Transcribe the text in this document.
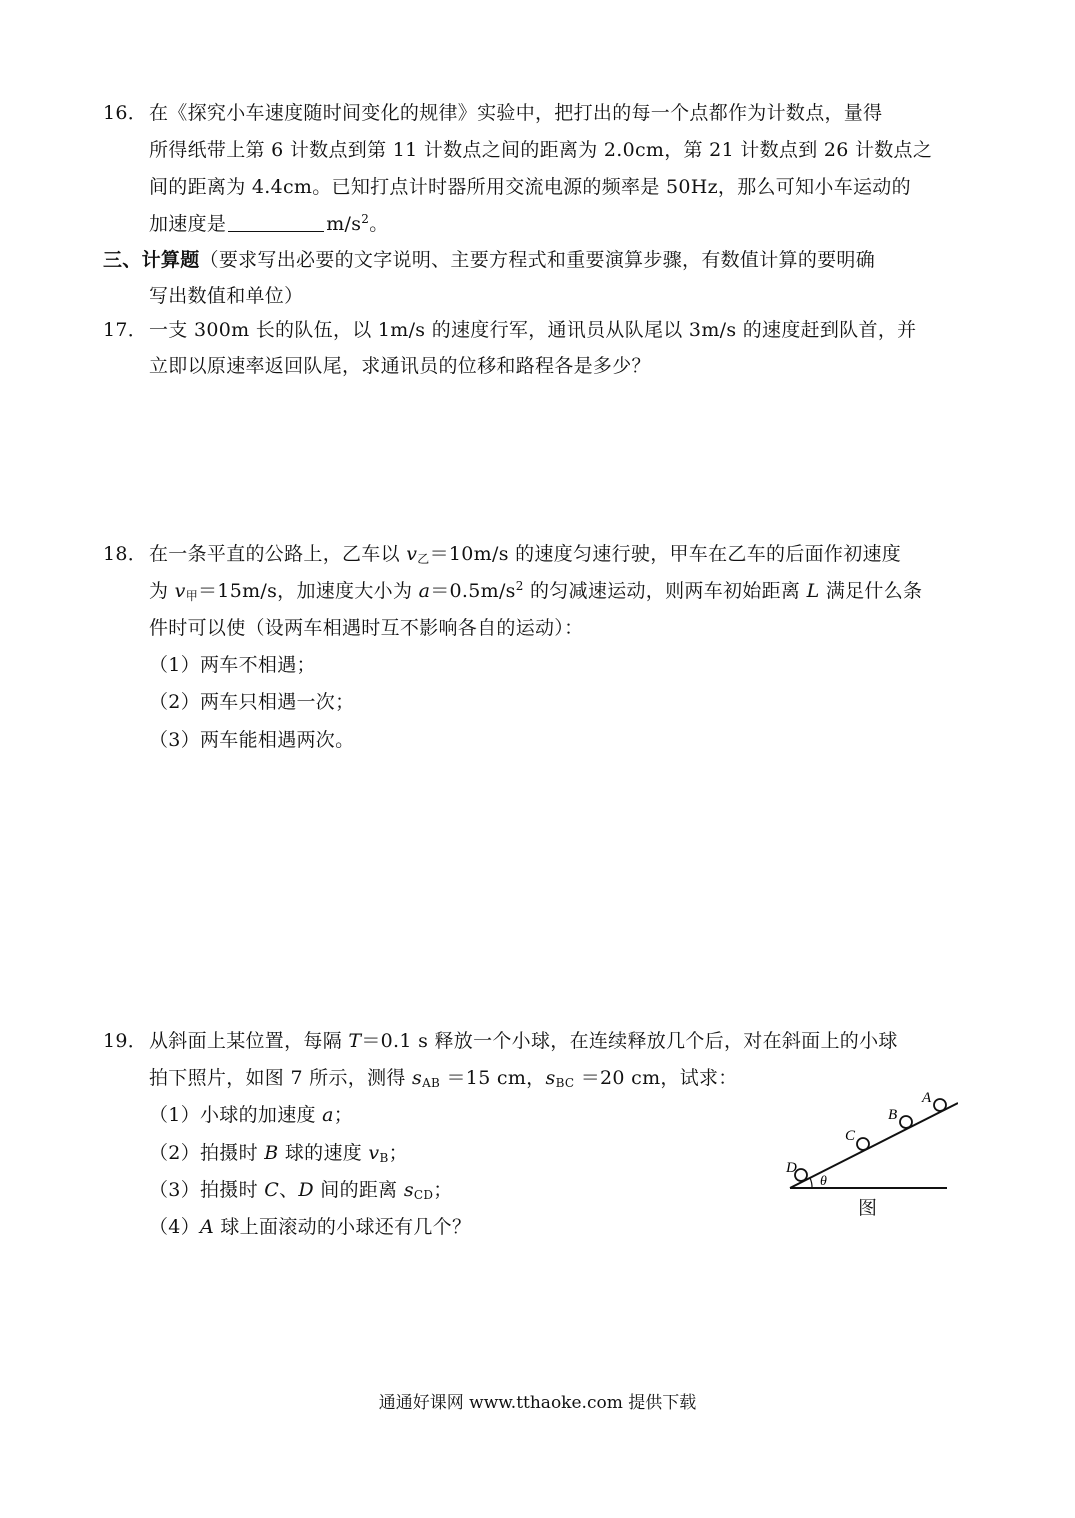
16． 在《探究小车速度随时间变化的规律》实验中，把打出的每一个点都作为计数点，量得
所得纸带上第 6 计数点到第 11 计数点之间的距离为 2.0cm，第 21 计数点到 26 计数点之
间的距离为 4.4cm。已知打点计时器所用交流电源的频率是 50Hz，那么可知小车运动的
加速度是	$m/s^2$。
三、计算题（要求写出必要的文字说明、主要方程式和重要演算步骤，有数值计算的要明确
写出数值和单位）
17． 一支 300m 长的队伍，以 1m/s 的速度行军，通讯员从队尾以 3m/s 的速度赶到队首，并
立即以原速率返回队尾，求通讯员的位移和路程各是多少？
18． 在一条平直的公路上，乙车以 $v_乙=10m/s$ 的速度匀速行驶，甲车在乙车的后面作初速度
为 $v_甲=15m/s$，加速度大小为 $a=0.5m/s^2$ 的匀减速运动，则两车初始距离 L 满足什么条
件时可以使（设两车相遇时互不影响各自的运动）：
（1）两车不相遇；
（2）两车只相遇一次；
（3）两车能相遇两次。
19． 从斜面上某位置，每隔 T＝0.1 s 释放一个小球，在连续释放几个后，对在斜面上的小球
拍下照片，如图 7 所示，测得 $s_{AB} =15$ cm，$s_{BC} =20$ cm，试求：
（1）小球的加速度 a；
（2）拍摄时 B 球的速度 $v_B$；
（3）拍摄时 C、D 间的距离 $s_{CD}$；
（4）A 球上面滚动的小球还有几个？
D
C
B
A
θ
图
通通好课网 www.tthaoke.com 提供下载
